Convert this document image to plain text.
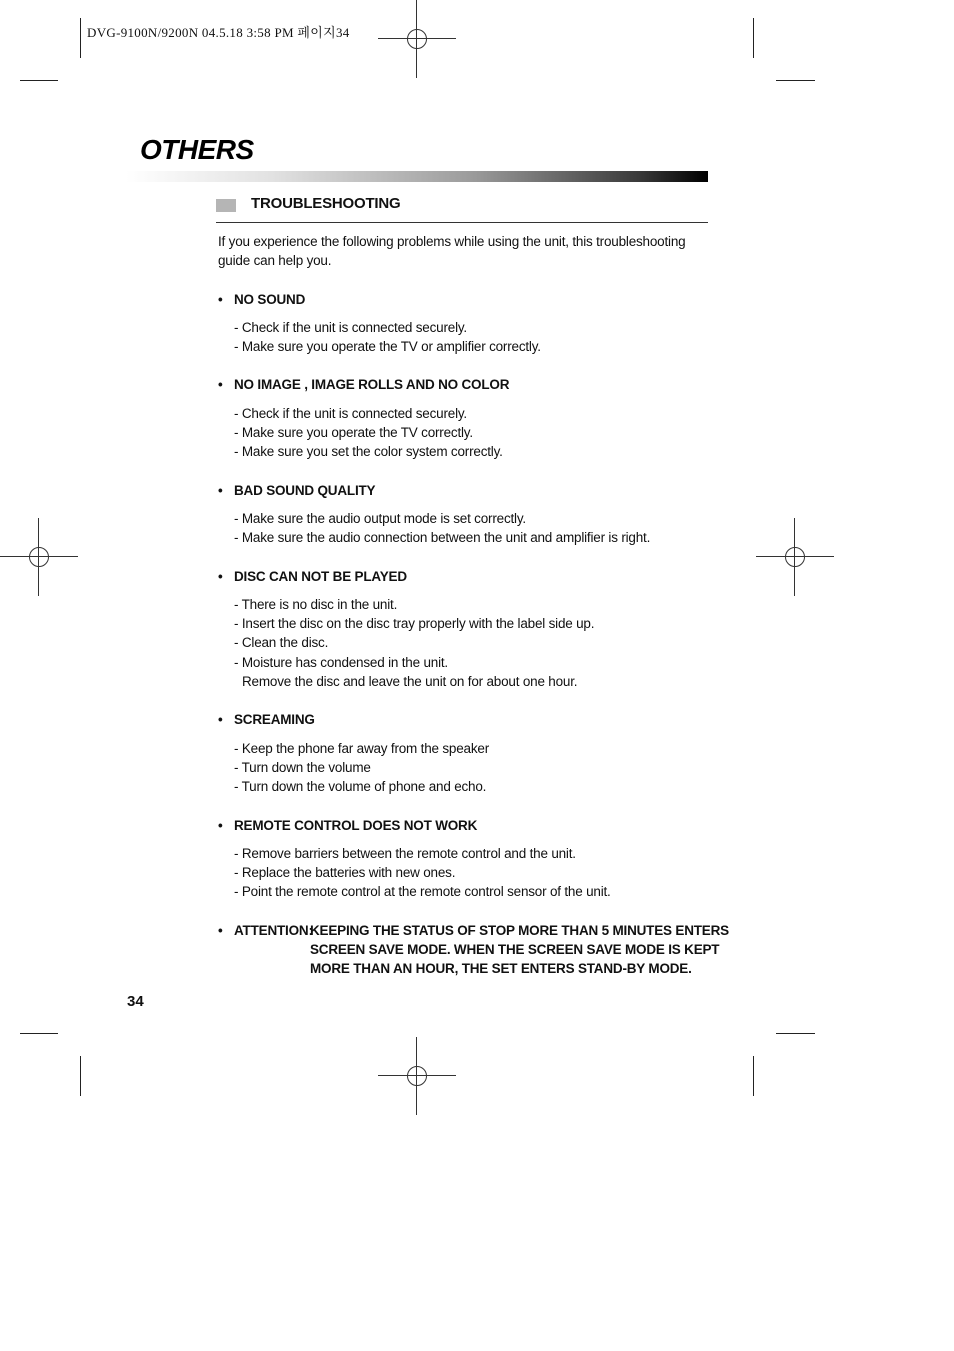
DVG-9100N/9200N 04.5.18 3:58 PM 페이지34
OTHERS
TROUBLESHOOTING
If you experience the following problems while using the unit, this troubleshooting
guide can help you.
• NO SOUND
- Check if the unit is connected securely.
- Make sure you operate the TV or amplifier correctly.
• NO IMAGE , IMAGE ROLLS AND NO COLOR
- Check if the unit is connected securely.
- Make sure you operate the TV correctly.
- Make sure you set the color system correctly.
• BAD SOUND QUALITY
- Make sure the audio output mode is set correctly.
- Make sure the audio connection between the unit and amplifier is right.
• DISC CAN NOT BE PLAYED
- There is no disc in the unit.
- Insert the disc on the disc tray properly with the label side up.
- Clean the disc.
- Moisture has condensed in the unit.
Remove the disc and leave the unit on for about one hour.
• SCREAMING
- Keep the phone far away from the speaker
- Turn down the volume
- Turn down the volume of phone and echo.
• REMOTE CONTROL DOES NOT WORK
- Remove barriers between the remote control and the unit.
- Replace the batteries with new ones.
- Point the remote control at the remote control sensor of the unit.
• ATTENTION:
KEEPING THE STATUS OF STOP MORE THAN 5 MINUTES ENTERS
SCREEN SAVE MODE. WHEN THE SCREEN SAVE MODE IS KEPT
MORE THAN AN HOUR, THE SET ENTERS STAND-BY MODE.
34
